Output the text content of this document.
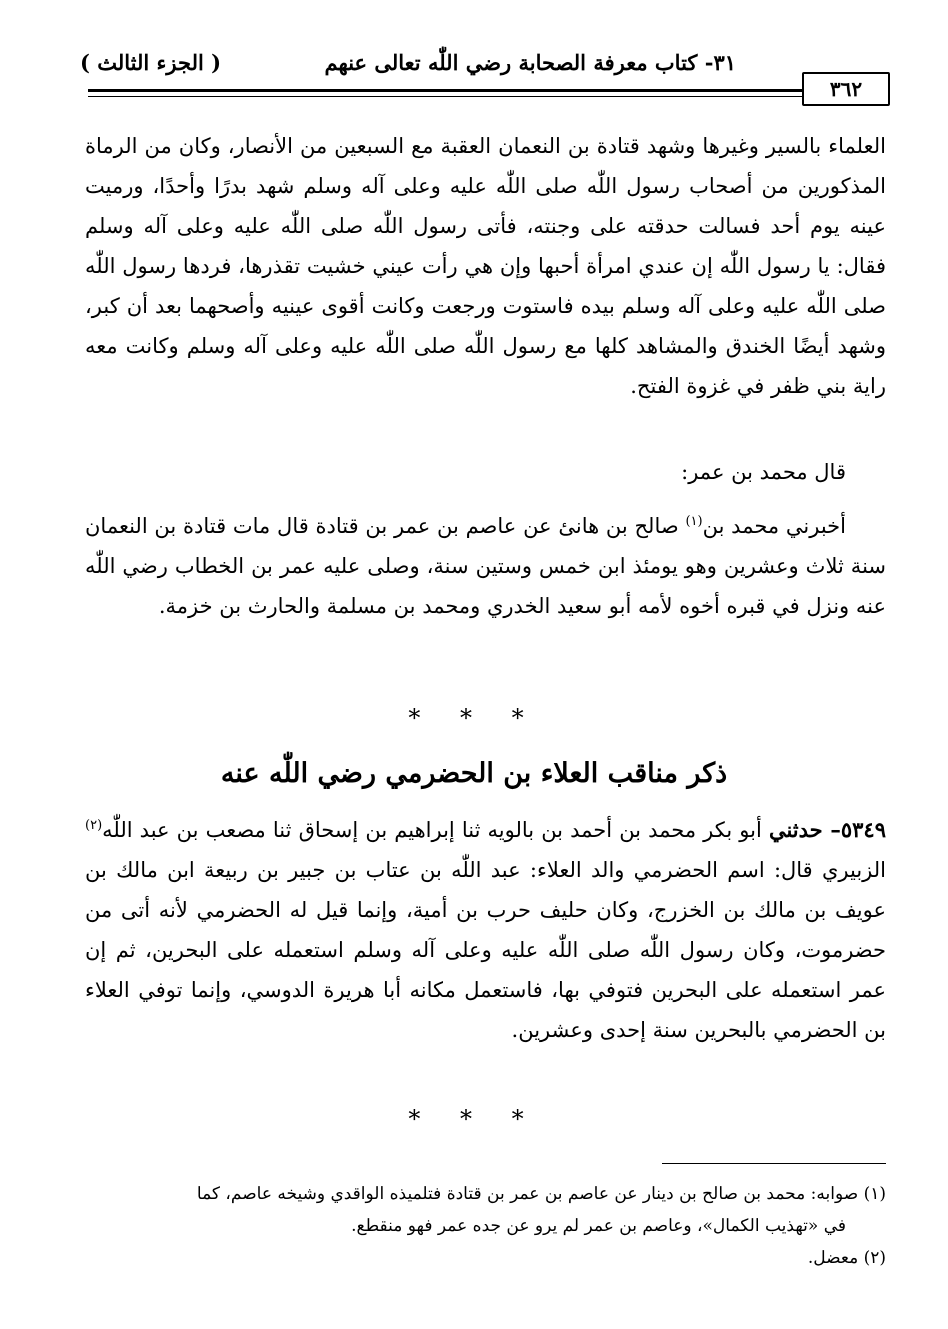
٣١- كتاب معرفة الصحابة رضي اللّٰه تعالى عنهم
( الجزء الثالث )
٣٦٢

العلماء بالسير وغيرها وشهد قتادة بن النعمان العقبة مع السبعين من الأنصار، وكان من الرماة المذكورين من أصحاب رسول اللّٰه صلى اللّٰه عليه وعلى آله وسلم شهد بدرًا وأحدًا، ورميت عينه يوم أحد فسالت حدقته على وجنته، فأتى رسول اللّٰه صلى اللّٰه عليه وعلى آله وسلم فقال: يا رسول اللّٰه إن عندي امرأة أحبها وإن هي رأت عيني خشيت تقذرها، فردها رسول اللّٰه صلى اللّٰه عليه وعلى آله وسلم بيده فاستوت ورجعت وكانت أقوى عينيه وأصحهما بعد أن كبر، وشهد أيضًا الخندق والمشاهد كلها مع رسول اللّٰه صلى اللّٰه عليه وعلى آله وسلم وكانت معه راية بني ظفر في غزوة الفتح.

قال محمد بن عمر:

أخبرني محمد بن$^{(١)}$ صالح بن هانئ عن عاصم بن عمر بن قتادة قال مات قتادة بن النعمان سنة ثلاث وعشرين وهو يومئذ ابن خمس وستين سنة، وصلى عليه عمر بن الخطاب رضي اللّٰه عنه ونزل في قبره أخوه لأمه أبو سعيد الخدري ومحمد بن مسلمة والحارث بن خزمة.

* * *
ذكر مناقب العلاء بن الحضرمي رضي اللّٰه عنه

٥٣٤٩– حدثني أبو بكر محمد بن أحمد بن بالويه ثنا إبراهيم بن إسحاق ثنا مصعب بن عبد اللّٰه$^{(٢)}$ الزبيري قال: اسم الحضرمي والد العلاء: عبد اللّٰه بن عتاب بن جبير بن ربيعة ابن مالك بن عويف بن مالك بن الخزرج، وكان حليف حرب بن أمية، وإنما قيل له الحضرمي لأنه أتى من حضرموت، وكان رسول اللّٰه صلى اللّٰه عليه وعلى آله وسلم استعمله على البحرين، ثم إن عمر استعمله على البحرين فتوفي بها، فاستعمل مكانه أبا هريرة الدوسي، وإنما توفي العلاء بن الحضرمي بالبحرين سنة إحدى وعشرين.

* * *

(١) صوابه: محمد بن صالح بن دينار عن عاصم بن عمر بن قتادة فتلميذه الواقدي وشيخه عاصم، كما

في «تهذيب الكمال»، وعاصم بن عمر لم يرو عن جده عمر فهو منقطع.

(٢) معضل.
